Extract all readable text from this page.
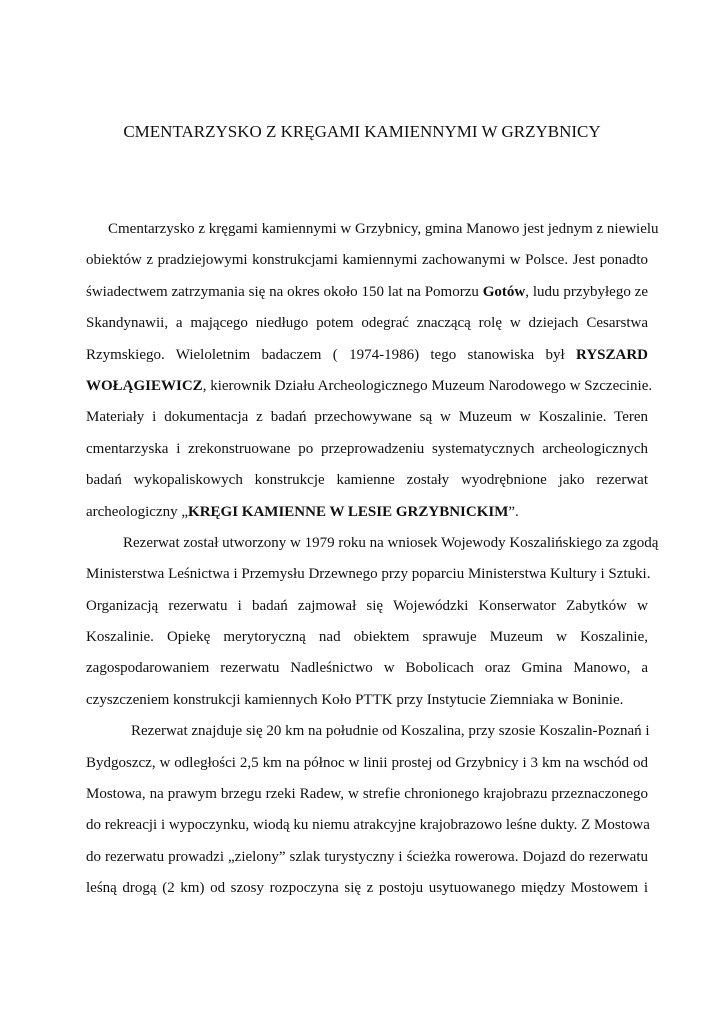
CMENTARZYSKO Z KRĘGAMI KAMIENNYMI W GRZYBNICY
Cmentarzysko z kręgami kamiennymi w Grzybnicy, gmina Manowo jest jednym z niewielu
obiektów z pradziejowymi konstrukcjami kamiennymi zachowanymi w Polsce. Jest ponadto
świadectwem zatrzymania się na okres około 150 lat na Pomorzu Gotów, ludu przybyłego ze
Skandynawii, a mającego niedługo potem odegrać znaczącą rolę w dziejach Cesarstwa
Rzymskiego. Wieloletnim badaczem ( 1974-1986) tego stanowiska był RYSZARD
WOŁĄGIEWICZ, kierownik Działu Archeologicznego Muzeum Narodowego w Szczecinie.
Materiały i dokumentacja z badań przechowywane są w Muzeum w Koszalinie. Teren
cmentarzyska i zrekonstruowane po przeprowadzeniu systematycznych archeologicznych
badań wykopaliskowych konstrukcje kamienne zostały wyodrębnione jako rezerwat
archeologiczny „KRĘGI KAMIENNE W LESIE GRZYBNICKIM”.
Rezerwat został utworzony w 1979 roku na wniosek Wojewody Koszalińskiego za zgodą
Ministerstwa Leśnictwa i Przemysłu Drzewnego przy poparciu Ministerstwa Kultury i Sztuki.
Organizacją rezerwatu i badań zajmował się Wojewódzki Konserwator Zabytków w
Koszalinie. Opiekę merytoryczną nad obiektem sprawuje Muzeum w Koszalinie,
zagospodarowaniem rezerwatu Nadleśnictwo w Bobolicach oraz Gmina Manowo, a
czyszczeniem konstrukcji kamiennych Koło PTTK przy Instytucie Ziemniaka w Boninie.
Rezerwat znajduje się 20 km na południe od Koszalina, przy szosie Koszalin-Poznań i
Bydgoszcz, w odległości 2,5 km na północ w linii prostej od Grzybnicy i 3 km na wschód od
Mostowa, na prawym brzegu rzeki Radew, w strefie chronionego krajobrazu przeznaczonego
do rekreacji i wypoczynku, wiodą ku niemu atrakcyjne krajobrazowo leśne dukty. Z Mostowa
do rezerwatu prowadzi „zielony” szlak turystyczny i ścieżka rowerowa. Dojazd do rezerwatu
leśną drogą (2 km) od szosy rozpoczyna się z postoju usytuowanego między Mostowem i
